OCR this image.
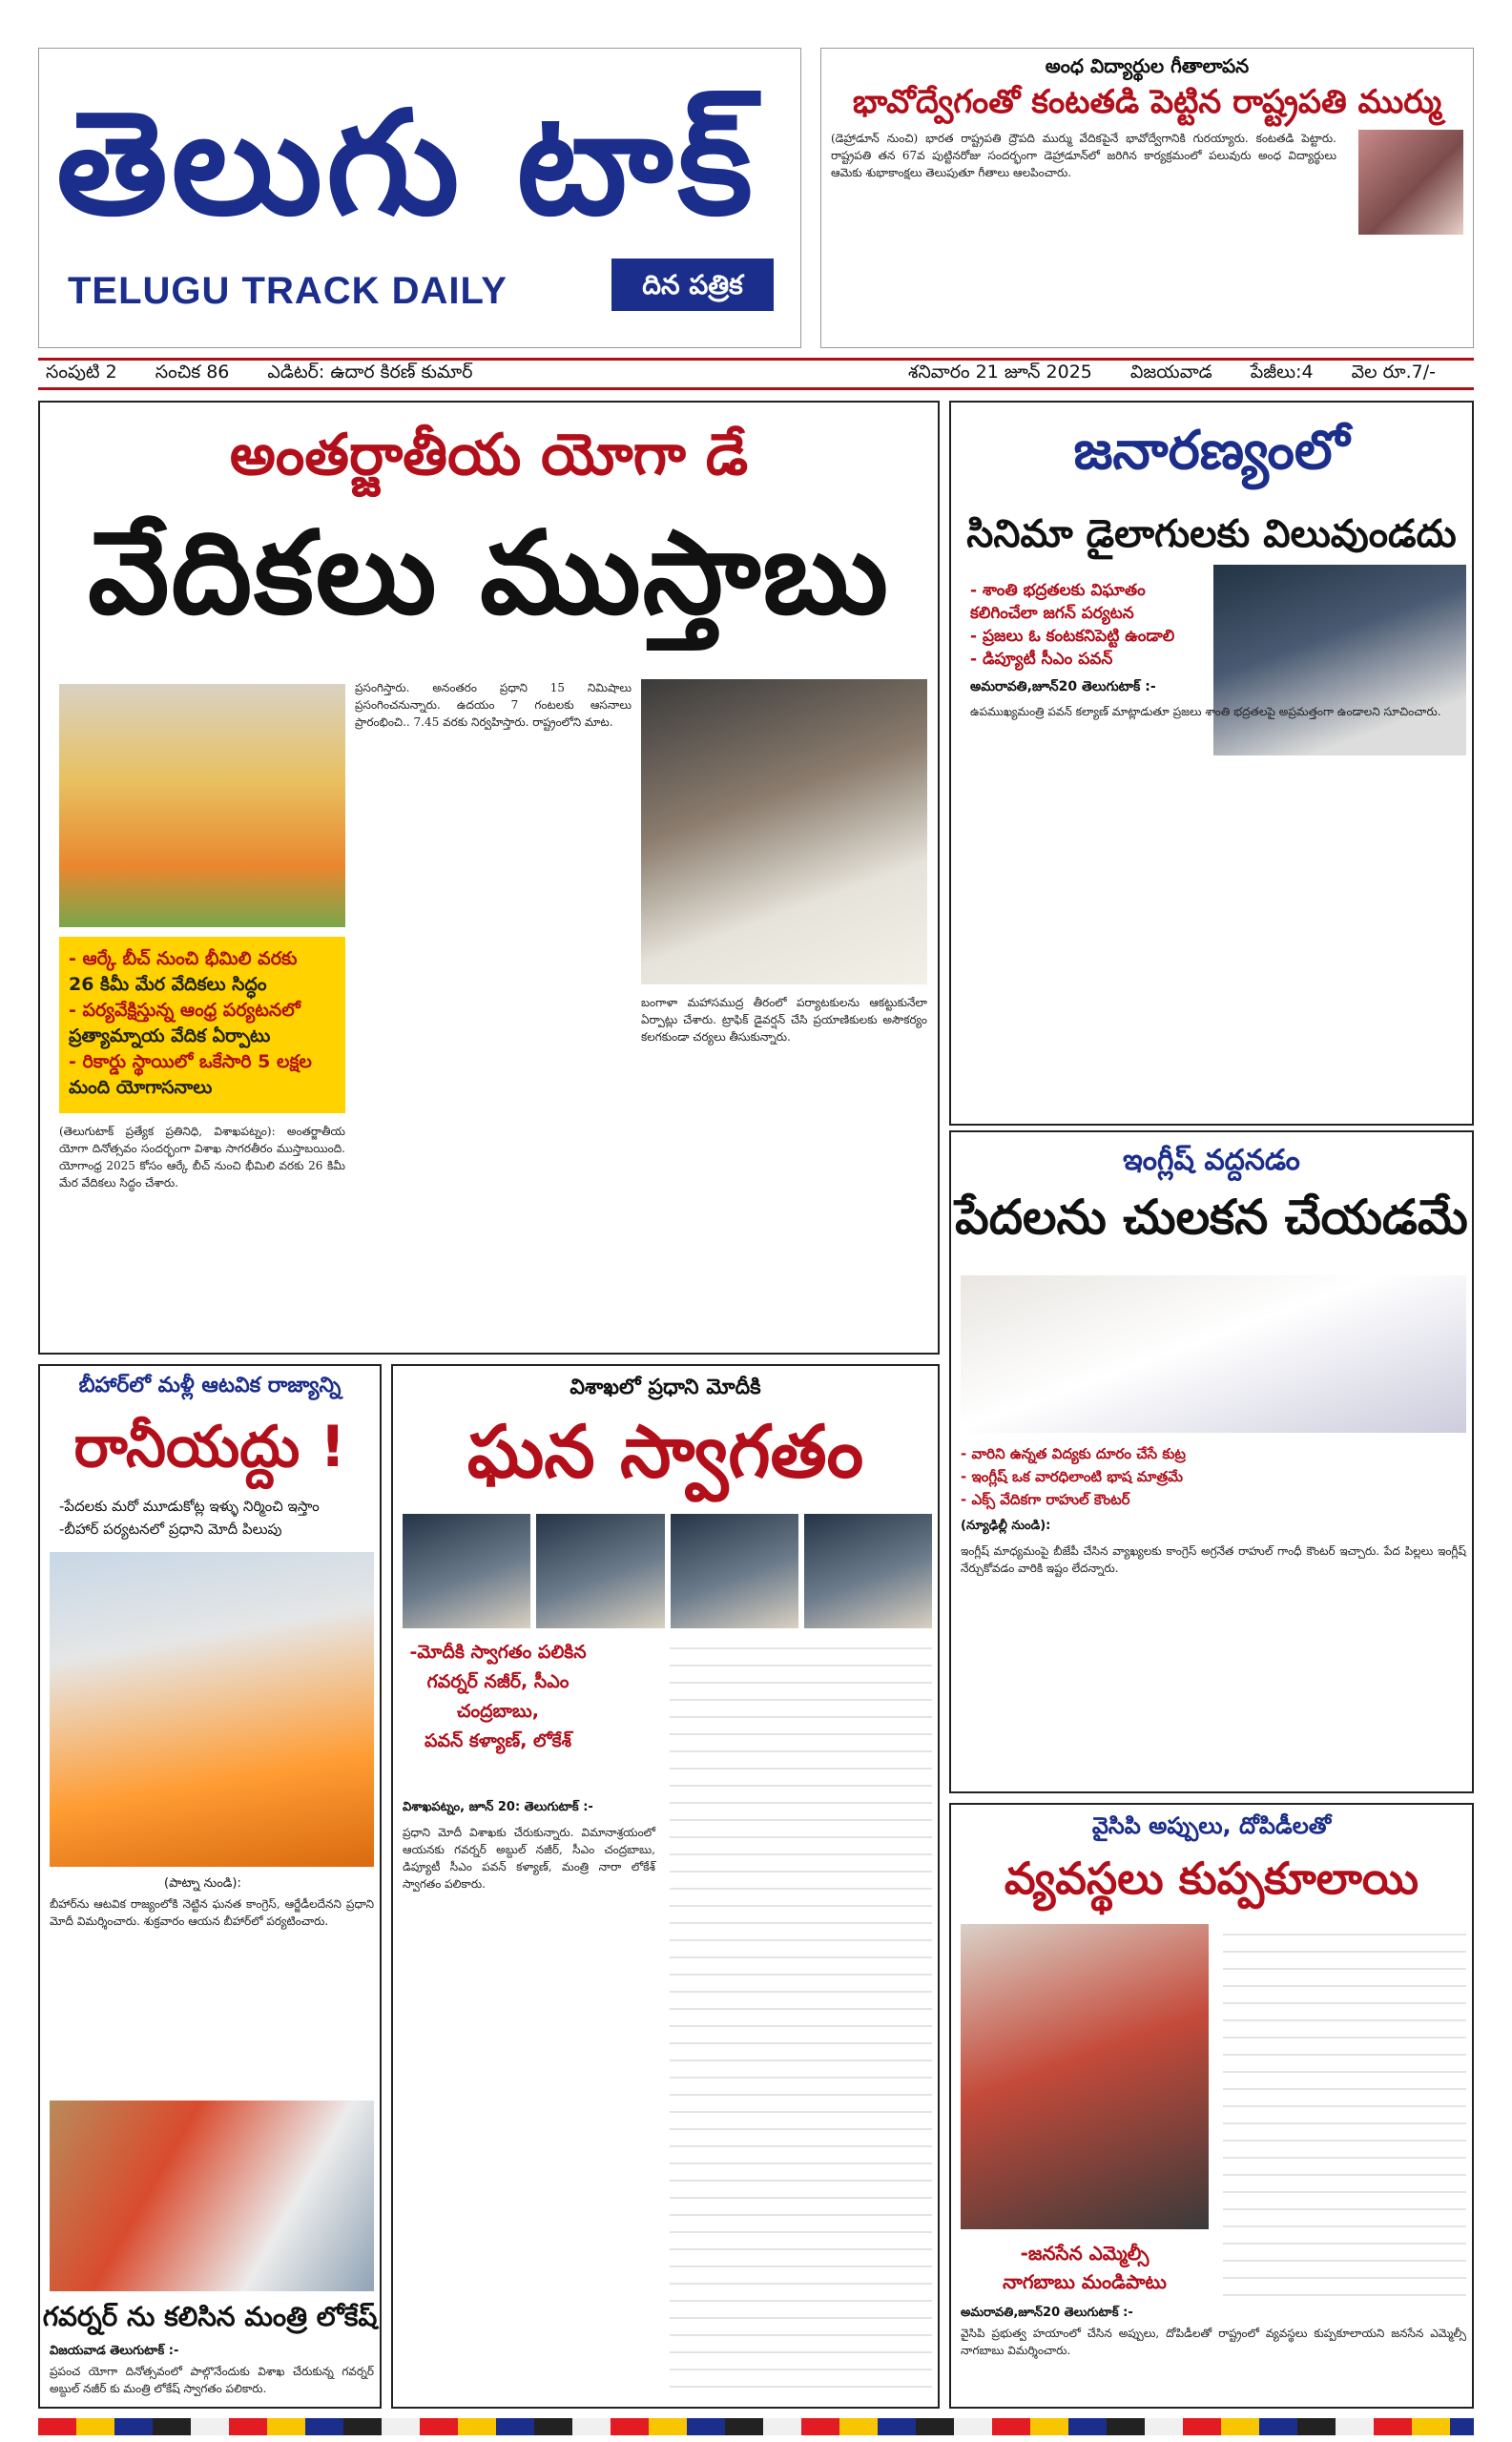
తెలుగు టాక్
TELUGU TRACK DAILY	దిన పత్రిక
అంధ విద్యార్థుల గీతాలాపన
భావోద్వేగంతో కంటతడి పెట్టిన రాష్ట్రపతి ముర్ము
(డెహ్రాడూన్‌ నుంచి) భారత రాష్ట్రపతి ద్రౌపది ముర్ము వేదికపైనే భావోద్వేగానికి గురయ్యారు. కంటతడి పెట్టారు. రాష్ట్రపతి తన 67వ పుట్టినరోజు సందర్భంగా డెహ్రాడూన్‌లో జరిగిన కార్యక్రమంలో పలువురు అంధ విద్యార్థులు ఆమెకు శుభాకాంక్షలు తెలుపుతూ గీతాలు ఆలపించారు.
సంపుటి 2 సంచిక 86 ఎడిటర్‌: ఉదార కిరణ్‌ కుమార్‌	శనివారం 21 జూన్‌ 2025 విజయవాడ పేజీలు:4 వెల రూ.7/-
అంతర్జాతీయ యోగా డే
వేదికలు ముస్తాబు
- ఆర్కే బీచ్‌ నుంచి భీమిలి వరకు
26 కిమీ మేర వేదికలు సిద్ధం
- పర్యవేక్షిస్తున్న ఆంధ్ర పర్యటనలో
ప్రత్యామ్నాయ వేదిక ఏర్పాటు
- రికార్డు స్థాయిలో ఒకేసారి 5 లక్షల
మంది యోగాసనాలు
(తెలుగుటాక్‌ ప్రత్యేక ప్రతినిధి, విశాఖపట్నం): అంతర్జాతీయ యోగా దినోత్సవం సందర్భంగా విశాఖ సాగరతీరం ముస్తాబయింది. యోగాంధ్ర 2025 కోసం ఆర్కే బీచ్‌ నుంచి భీమిలి వరకు 26 కిమీ మేర వేదికలు సిద్ధం చేశారు.
ప్రసంగిస్తారు. అనంతరం ప్రధాని 15 నిమిషాలు ప్రసంగించనున్నారు. ఉదయం 7 గంటలకు ఆసనాలు ప్రారంభించి.. 7.45 వరకు నిర్వహిస్తారు. రాష్ట్రంలోని మాట.
బంగాళా మహాసముద్ర తీరంలో పర్యాటకులను ఆకట్టుకునేలా ఏర్పాట్లు చేశారు. ట్రాఫిక్‌ డైవర్షన్‌ చేసి ప్రయాణికులకు అసౌకర్యం కలగకుండా చర్యలు తీసుకున్నారు.
జనారణ్యంలో
సినిమా డైలాగులకు విలువుండదు
- శాంతి భద్రతలకు విఘాతం
కలిగించేలా జగన్‌ పర్యటన
- ప్రజలు ఓ కంటకనిపెట్టి ఉండాలి
- డిప్యూటీ సీఎం పవన్‌
అమరావతి,జూన్‌20 తెలుగుటాక్‌ :-
ఉపముఖ్యమంత్రి పవన్‌ కల్యాణ్‌ మాట్లాడుతూ ప్రజలు శాంతి భద్రతలపై అప్రమత్తంగా ఉండాలని సూచించారు.
ఇంగ్లీష్‌ వద్దనడం
పేదలను చులకన చేయడమే
- వారిని ఉన్నత విద్యకు దూరం చేసే కుట్ర
- ఇంగ్లీష్‌ ఒక వారధిలాంటి భాష మాత్రమే
- ఎక్స్‌ వేదికగా రాహుల్‌ కౌంటర్‌
(న్యూఢిల్లీ నుండి):
ఇంగ్లీష్‌ మాధ్యమంపై బీజేపీ చేసిన వ్యాఖ్యలకు కాంగ్రెస్‌ అగ్రనేత రాహుల్‌ గాంధీ కౌంటర్‌ ఇచ్చారు. పేద పిల్లలు ఇంగ్లీష్‌ నేర్చుకోవడం వారికి ఇష్టం లేదన్నారు.
బీహార్‌లో మళ్లీ ఆటవిక రాజ్యాన్ని
రానీయద్దు !
-పేదలకు మరో మూడుకోట్ల ఇళ్ళు నిర్మించి ఇస్తాం
-బీహార్‌ పర్యటనలో ప్రధాని మోదీ పిలుపు
(పాట్నా నుండి):
బీహార్‌ను ఆటవిక రాజ్యంలోకి నెట్టిన ఘనత కాంగ్రెస్‌, ఆర్జేడీలదేనని ప్రధాని మోదీ విమర్శించారు. శుక్రవారం ఆయన బీహార్‌లో పర్యటించారు.
గవర్నర్‌ ను కలిసిన మంత్రి లోకేష్‌
విజయవాడ తెలుగుటాక్‌ :-
ప్రపంచ యోగా దినోత్సవంలో పాల్గొనేందుకు విశాఖ చేరుకున్న గవర్నర్‌ అబ్దుల్‌ నజీర్‌ కు మంత్రి లోకేష్‌ స్వాగతం పలికారు.
విశాఖలో ప్రధాని మోదీకి
ఘన స్వాగతం
-మోదీకి స్వాగతం పలికిన
గవర్నర్‌ నజీర్‌, సీఎం చంద్రబాబు,
పవన్‌ కళ్యాణ్‌, లోకేశ్‌
విశాఖపట్నం, జూన్‌ 20: తెలుగుటాక్‌ :-
ప్రధాని మోదీ విశాఖకు చేరుకున్నారు. విమానాశ్రయంలో ఆయనకు గవర్నర్‌ అబ్దుల్‌ నజీర్‌, సీఎం చంద్రబాబు, డిప్యూటీ సీఎం పవన్‌ కళ్యాణ్‌, మంత్రి నారా లోకేశ్‌ స్వాగతం పలికారు.
వైసిపి అప్పులు, దోపిడీలతో
వ్యవస్థలు కుప్పకూలాయి
-జనసేన ఎమ్మెల్సీ
నాగబాబు మండిపాటు
అమరావతి,జూన్‌20 తెలుగుటాక్‌ :-
వైసిపి ప్రభుత్వ హయాంలో చేసిన అప్పులు, దోపిడీలతో రాష్ట్రంలో వ్యవస్థలు కుప్పకూలాయని జనసేన ఎమ్మెల్సీ నాగబాబు విమర్శించారు.
